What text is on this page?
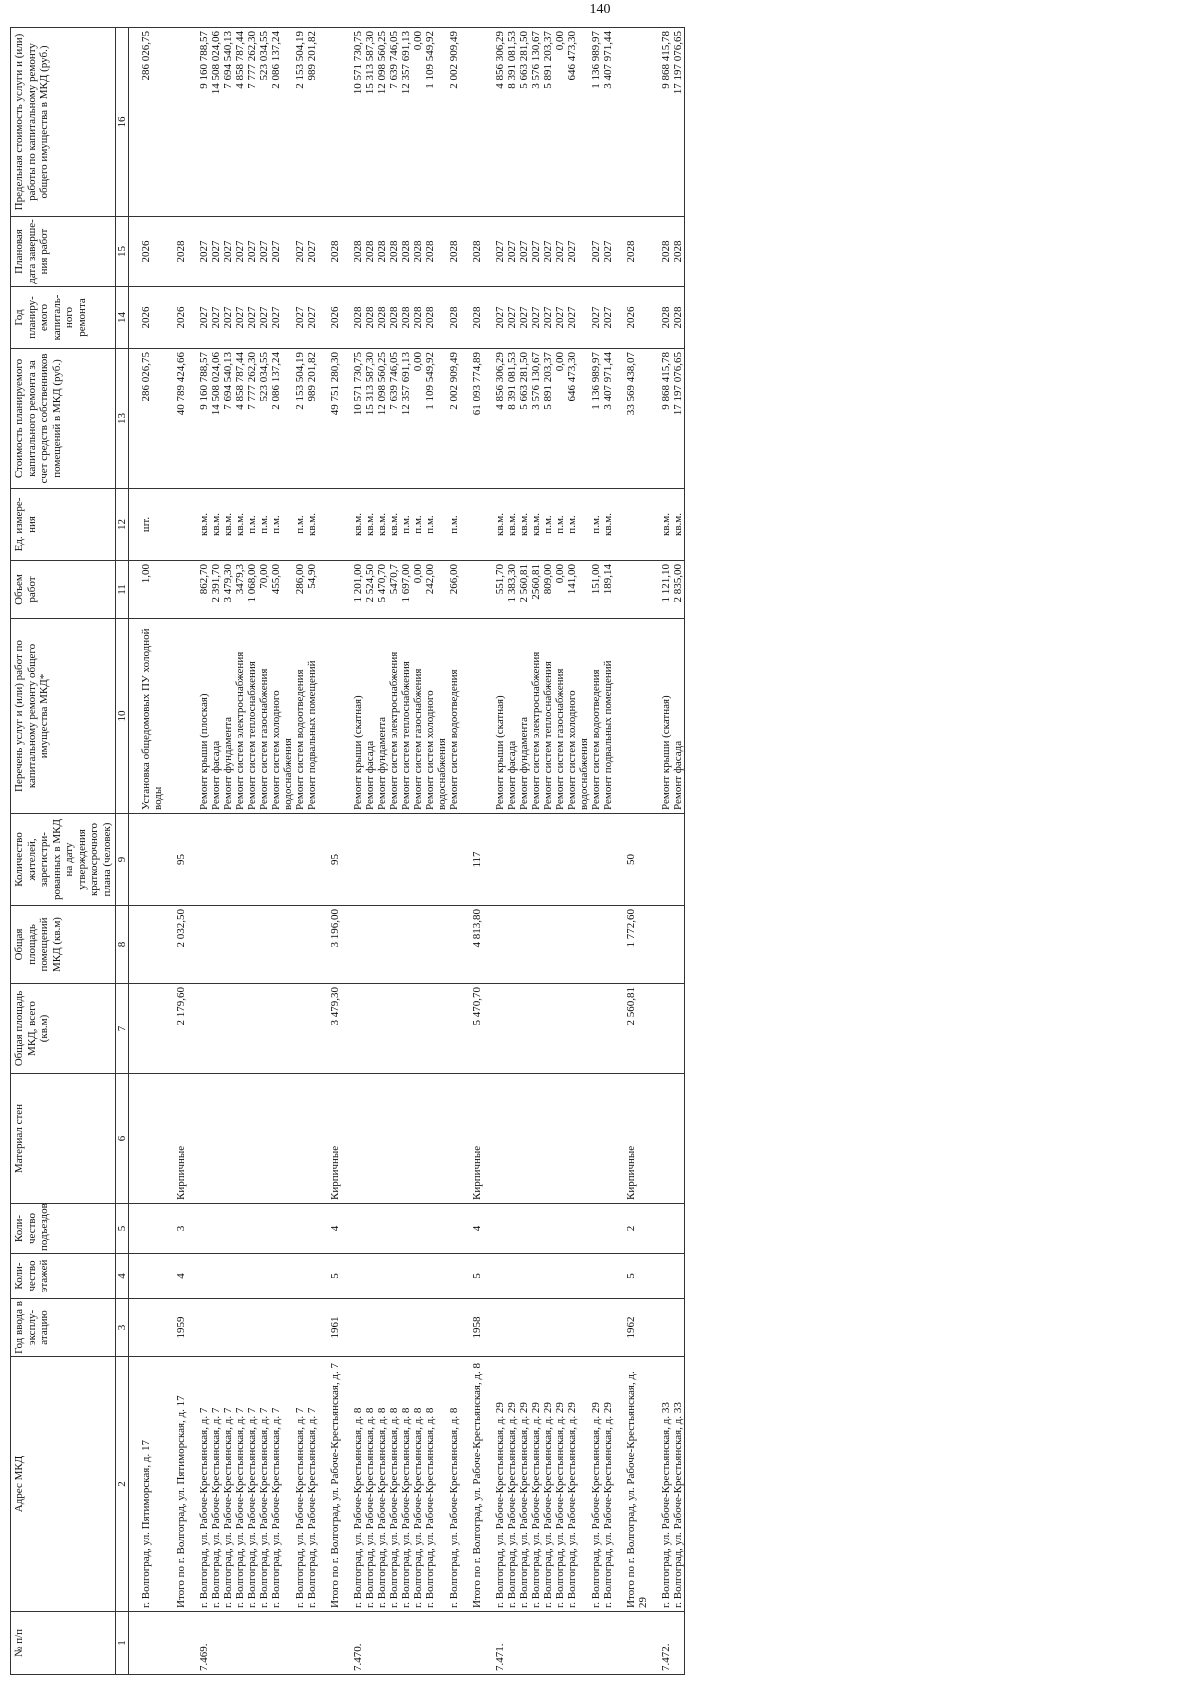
140
№ п/п	Адрес МКД	Год ввода в эксплу-атацию	Коли-чество этажей	Коли-чество подъездов	Материал стен	Общая площадь МКД, всего (кв.м)	Общая площадь помещений МКД (кв.м)	Количество жителей, зарегистри-рованных в МКД на дату утверждения краткосрочного плана (человек)	Перечень услуг и (или) работ по капитальному ремонту общего имущества МКД*	Объем работ	Ед. измере-ния	Стоимость планируемого капитального ремонта за счет средств собственников помещений в МКД (руб.)	Год планиру-емого капиталь-ного ремонта	Плановая дата заверше-ния работ	Предельная стоимость услуги и (или) работы по капитальному ремонту общего имущества в МКД (руб.)
1	2	3	4	5	6	7	8	9	10	11	12	13	14	15	16
	г. Волгоград, ул. Пятиморская, д. 17								Установка общедомовых ПУ холодной воды	1,00	шт.	286 026,75	2026	2026	286 026,75
	Итого по г. Волгоград, ул. Пятиморская, д. 17	1959	4	3	Кирпичные	2 179,60	2 032,50	95				40 789 424,66	2026	2028	
7.469.	г. Волгоград, ул. Рабоче-Крестьянская, д. 7								Ремонт крыши (плоская)	862,70	кв.м.	9 160 788,57	2027	2027	9 160 788,57
	г. Волгоград, ул. Рабоче-Крестьянская, д. 7								Ремонт фасада	2 391,70	кв.м.	14 508 024,06	2027	2027	14 508 024,06
	г. Волгоград, ул. Рабоче-Крестьянская, д. 7								Ремонт фундамента	3 479,30	кв.м.	7 694 540,13	2027	2027	7 694 540,13
	г. Волгоград, ул. Рабоче-Крестьянская, д. 7								Ремонт систем электроснабжения	3479,3	кв.м.	4 858 787,44	2027	2027	4 858 787,44
	г. Волгоград, ул. Рабоче-Крестьянская, д. 7								Ремонт систем теплоснабжения	1 068,00	п.м.	7 777 262,30	2027	2027	7 777 262,30
	г. Волгоград, ул. Рабоче-Крестьянская, д. 7								Ремонт систем газоснабжения	70,00	п.м.	523 034,55	2027	2027	523 034,55
	г. Волгоград, ул. Рабоче-Крестьянская, д. 7								Ремонт систем холодного водоснабжения	455,00	п.м.	2 086 137,24	2027	2027	2 086 137,24
	г. Волгоград, ул. Рабоче-Крестьянская, д. 7								Ремонт систем водоотведения	286,00	п.м.	2 153 504,19	2027	2027	2 153 504,19
	г. Волгоград, ул. Рабоче-Крестьянская, д. 7								Ремонт подвальных помещений	54,90	кв.м.	989 201,82	2027	2027	989 201,82
	Итого по г. Волгоград, ул. Рабоче-Крестьянская, д. 7	1961	5	4	Кирпичные	3 479,30	3 196,00	95				49 751 280,30	2026	2028	
7.470.	г. Волгоград, ул. Рабоче-Крестьянская, д. 8								Ремонт крыши (скатная)	1 201,00	кв.м.	10 571 730,75	2028	2028	10 571 730,75
	г. Волгоград, ул. Рабоче-Крестьянская, д. 8								Ремонт фасада	2 524,50	кв.м.	15 313 587,30	2028	2028	15 313 587,30
	г. Волгоград, ул. Рабоче-Крестьянская, д. 8								Ремонт фундамента	5 470,70	кв.м.	12 098 560,25	2028	2028	12 098 560,25
	г. Волгоград, ул. Рабоче-Крестьянская, д. 8								Ремонт систем электроснабжения	5470,7	кв.м.	7 639 746,05	2028	2028	7 639 746,05
	г. Волгоград, ул. Рабоче-Крестьянская, д. 8								Ремонт систем теплоснабжения	1 697,00	п.м.	12 357 691,13	2028	2028	12 357 691,13
	г. Волгоград, ул. Рабоче-Крестьянская, д. 8								Ремонт систем газоснабжения	0,00	п.м.	0,00	2028	2028	0,00
	г. Волгоград, ул. Рабоче-Крестьянская, д. 8								Ремонт систем холодного водоснабжения	242,00	п.м.	1 109 549,92	2028	2028	1 109 549,92
	г. Волгоград, ул. Рабоче-Крестьянская, д. 8								Ремонт систем водоотведения	266,00	п.м.	2 002 909,49	2028	2028	2 002 909,49
	Итого по г. Волгоград, ул. Рабоче-Крестьянская, д. 8	1958	5	4	Кирпичные	5 470,70	4 813,80	117				61 093 774,89	2028	2028	
7.471.	г. Волгоград, ул. Рабоче-Крестьянская, д. 29								Ремонт крыши (скатная)	551,70	кв.м.	4 856 306,29	2027	2027	4 856 306,29
	г. Волгоград, ул. Рабоче-Крестьянская, д. 29								Ремонт фасада	1 383,30	кв.м.	8 391 081,53	2027	2027	8 391 081,53
	г. Волгоград, ул. Рабоче-Крестьянская, д. 29								Ремонт фундамента	2 560,81	кв.м.	5 663 281,50	2027	2027	5 663 281,50
	г. Волгоград, ул. Рабоче-Крестьянская, д. 29								Ремонт систем электроснабжения	2560,81	кв.м.	3 576 130,67	2027	2027	3 576 130,67
	г. Волгоград, ул. Рабоче-Крестьянская, д. 29								Ремонт систем теплоснабжения	809,00	п.м.	5 891 203,37	2027	2027	5 891 203,37
	г. Волгоград, ул. Рабоче-Крестьянская, д. 29								Ремонт систем газоснабжения	0,00	п.м.	0,00	2027	2027	0,00
	г. Волгоград, ул. Рабоче-Крестьянская, д. 29								Ремонт систем холодного водоснабжения	141,00	п.м.	646 473,30	2027	2027	646 473,30
	г. Волгоград, ул. Рабоче-Крестьянская, д. 29								Ремонт систем водоотведения	151,00	п.м.	1 136 989,97	2027	2027	1 136 989,97
	г. Волгоград, ул. Рабоче-Крестьянская, д. 29								Ремонт подвальных помещений	189,14	кв.м.	3 407 971,44	2027	2027	3 407 971,44
	Итого по г. Волгоград, ул. Рабоче-Крестьянская, д. 29	1962	5	2	Кирпичные	2 560,81	1 772,60	50				33 569 438,07	2026	2028	
7.472.	г. Волгоград, ул. Рабоче-Крестьянская, д. 33								Ремонт крыши (скатная)	1 121,10	кв.м.	9 868 415,78	2028	2028	9 868 415,78
	г. Волгоград, ул. Рабоче-Крестьянская, д. 33								Ремонт фасада	2 835,00	кв.м.	17 197 076,65	2028	2028	17 197 076,65
